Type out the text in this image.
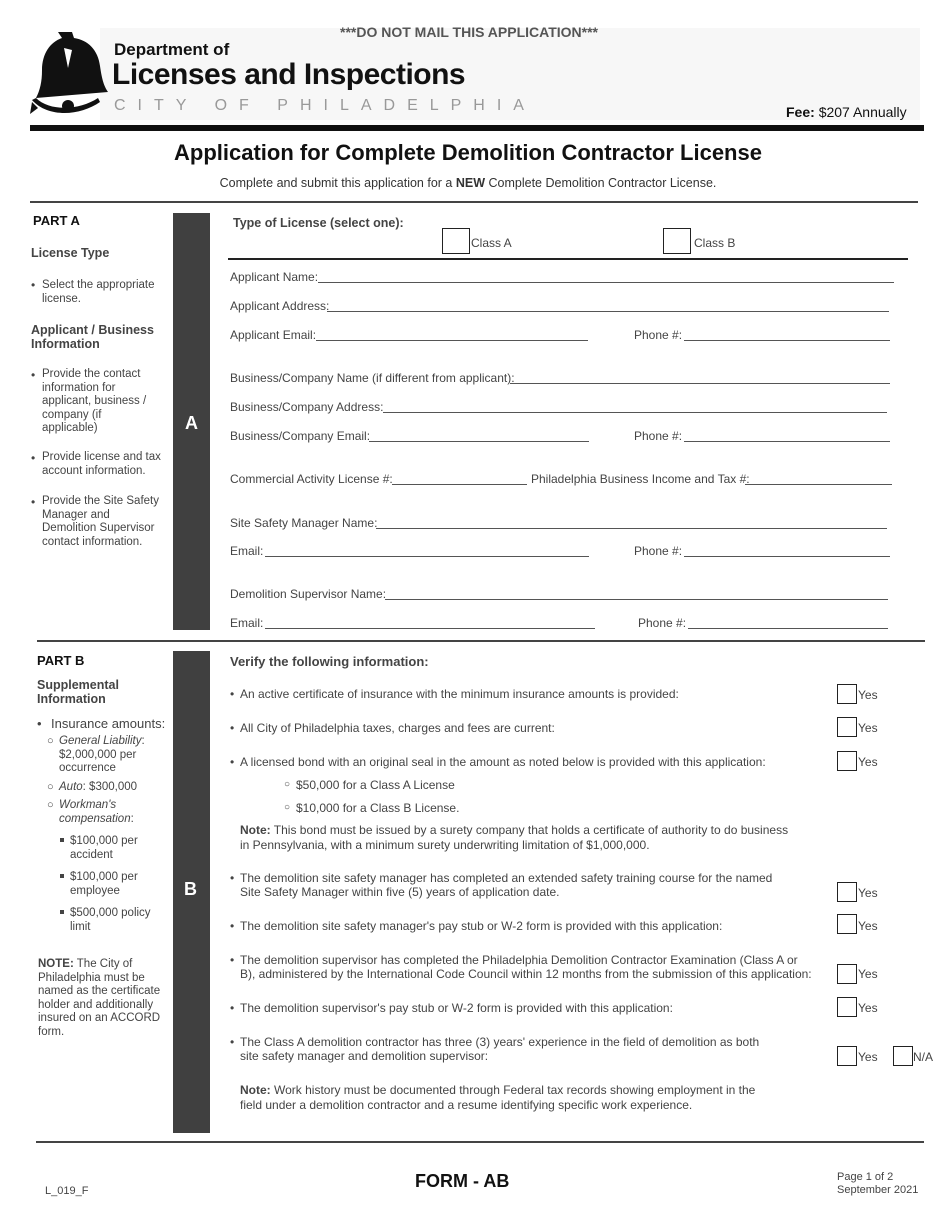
***DO NOT MAIL THIS APPLICATION***
Department of
Licenses and Inspections
CITY OF PHILADELPHIA	Fee: $207 Annually
Application for Complete Demolition Contractor License
Complete and submit this application for a NEW Complete Demolition Contractor License.
PART A
License Type
Select the appropriate license.
•
Applicant / Business Information
• Provide the contact information for applicant, business / company (if applicable)
• Provide license and tax account information.
• Provide the Site Safety Manager and Demolition Supervisor contact information.
A
Type of License (select one):
Class A	Class B
Applicant Name:
Applicant Address:
Applicant Email:	Phone #:
Business/Company Name (if different from applicant):
Business/Company Address:
Business/Company Email:	Phone #:
Commercial Activity License #:	Philadelphia Business Income and Tax #:
Site Safety Manager Name:
Email:	Phone #:
Demolition Supervisor Name:
Email:	Phone #:
PART B
Supplemental Information
• Insurance amounts:
○ General Liability: $2,000,000 per occurrence
○ Auto: $300,000
○ Workman's compensation:
$100,000 per accident
$100,000 per employee
$500,000 policy limit
NOTE: The City of Philadelphia must be named as the certificate holder and additionally insured on an ACCORD form.
B
Verify the following information:
• An active certificate of insurance with the minimum insurance amounts is provided:	Yes
• All City of Philadelphia taxes, charges and fees are current:	Yes
• A licensed bond with an original seal in the amount as noted below is provided with this application:	Yes
○ $50,000 for a Class A License
○ $10,000 for a Class B License.
Note: This bond must be issued by a surety company that holds a certificate of authority to do business in Pennsylvania, with a minimum surety underwriting limitation of $1,000,000.
• The demolition site safety manager has completed an extended safety training course for the named Site Safety Manager within five (5) years of application date.	Yes
• The demolition site safety manager's pay stub or W-2 form is provided with this application:	Yes
• The demolition supervisor has completed the Philadelphia Demolition Contractor Examination (Class A or B), administered by the International Code Council within 12 months from the submission of this application:	Yes
• The demolition supervisor's pay stub or W-2 form is provided with this application:	Yes
• The Class A demolition contractor has three (3) years' experience in the field of demolition as both site safety manager and demolition supervisor:	Yes	N/A
Note: Work history must be documented through Federal tax records showing employment in the field under a demolition contractor and a resume identifying specific work experience.
L_019_F	FORM - AB	Page 1 of 2
September 2021
